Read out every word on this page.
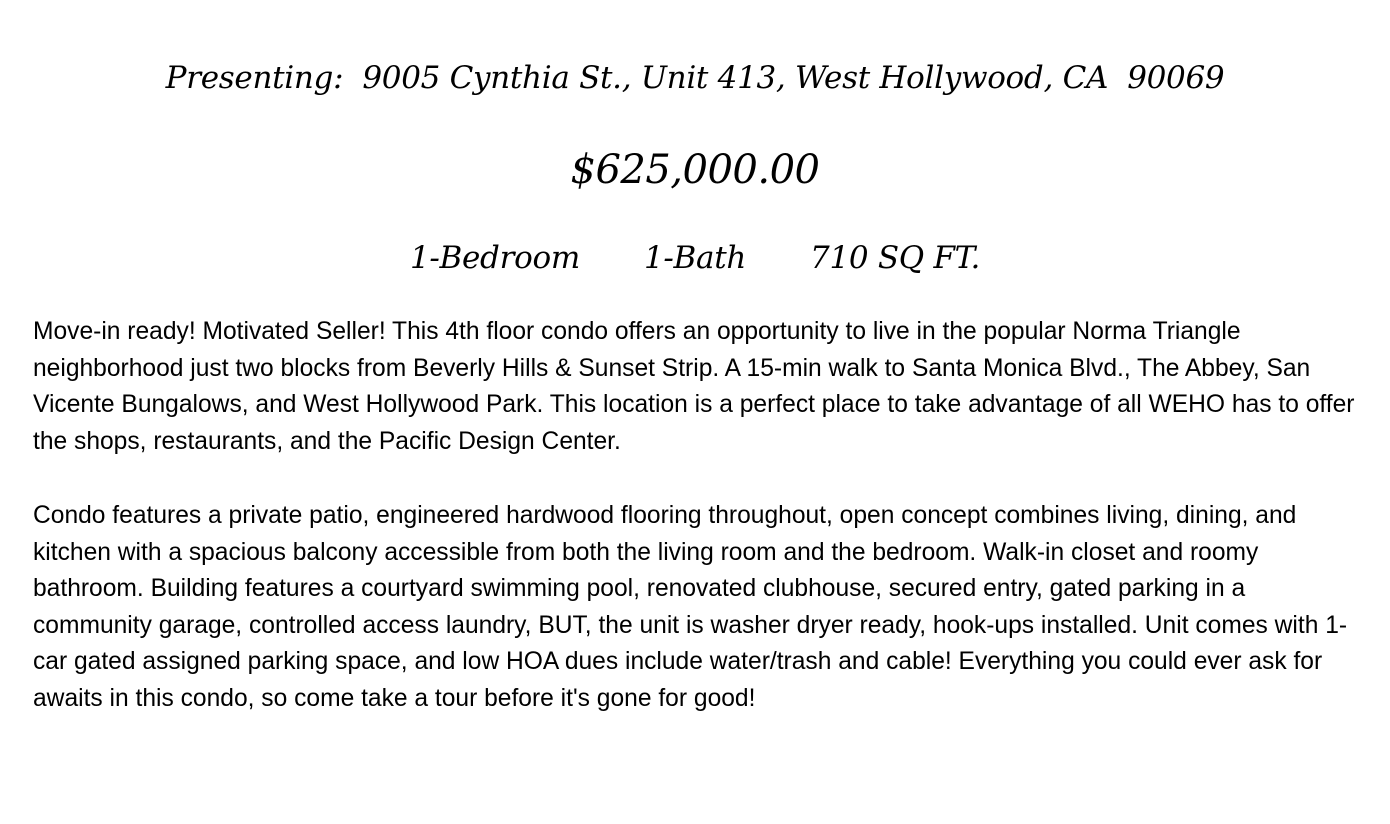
Presenting:  9005 Cynthia St., Unit 413, West Hollywood, CA  90069
$625,000.00
1-Bedroom 1-Bath 710 SQ FT.

Move-in ready! Motivated Seller! This 4th floor condo offers an opportunity to live in the popular Norma Triangle neighborhood just two blocks from Beverly Hills & Sunset Strip. A 15-min walk to Santa Monica Blvd., The Abbey, San Vicente Bungalows, and West Hollywood Park. This location is a perfect place to take advantage of all WEHO has to offer the shops, restaurants, and the Pacific Design Center.

Condo features a private patio, engineered hardwood flooring throughout, open concept combines living, dining, and kitchen with a spacious balcony accessible from both the living room and the bedroom. Walk-in closet and roomy bathroom. Building features a courtyard swimming pool, renovated clubhouse, secured entry, gated parking in a community garage, controlled access laundry, BUT, the unit is washer dryer ready, hook-ups installed. Unit comes with 1-car gated assigned parking space, and low HOA dues include water/trash and cable! Everything you could ever ask for awaits in this condo, so come take a tour before it's gone for good!
